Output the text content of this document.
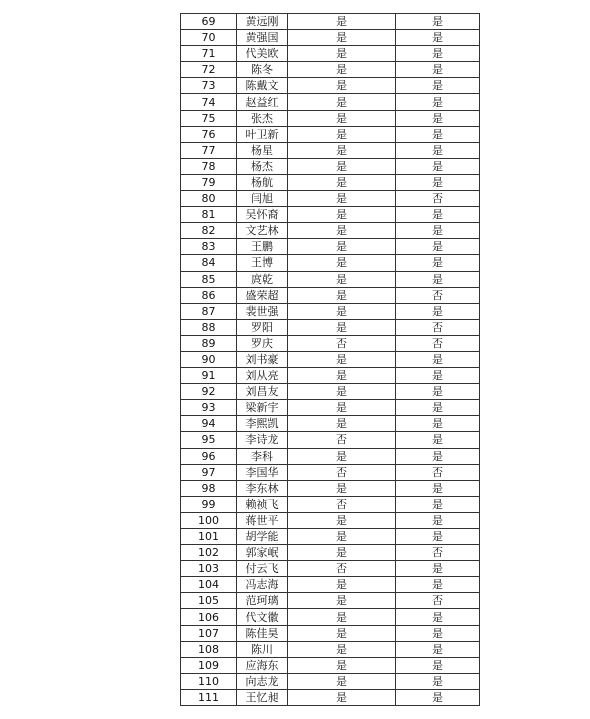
69	黄远刚	是	是
70	黄强国	是	是
71	代美欧	是	是
72	陈冬	是	是
73	陈戴文	是	是
74	赵益红	是	是
75	张杰	是	是
76	叶卫新	是	是
77	杨星	是	是
78	杨杰	是	是
79	杨航	是	是
80	闫旭	是	否
81	吴怀裔	是	是
82	文艺林	是	是
83	王鹏	是	是
84	王博	是	是
85	庹乾	是	是
86	盛荣超	是	否
87	裴世强	是	是
88	罗阳	是	否
89	罗庆	否	否
90	刘书豪	是	是
91	刘从亮	是	是
92	刘昌友	是	是
93	梁新宇	是	是
94	李熙凯	是	是
95	李诗龙	否	是
96	李科	是	是
97	李国华	否	否
98	李东林	是	是
99	赖祯飞	否	是
100	蒋世平	是	是
101	胡学能	是	是
102	郭家岷	是	否
103	付云飞	否	是
104	冯志海	是	是
105	范珂璃	是	否
106	代文徽	是	是
107	陈佳昊	是	是
108	陈川	是	是
109	应海东	是	是
110	向志龙	是	是
111	王忆昶	是	是
